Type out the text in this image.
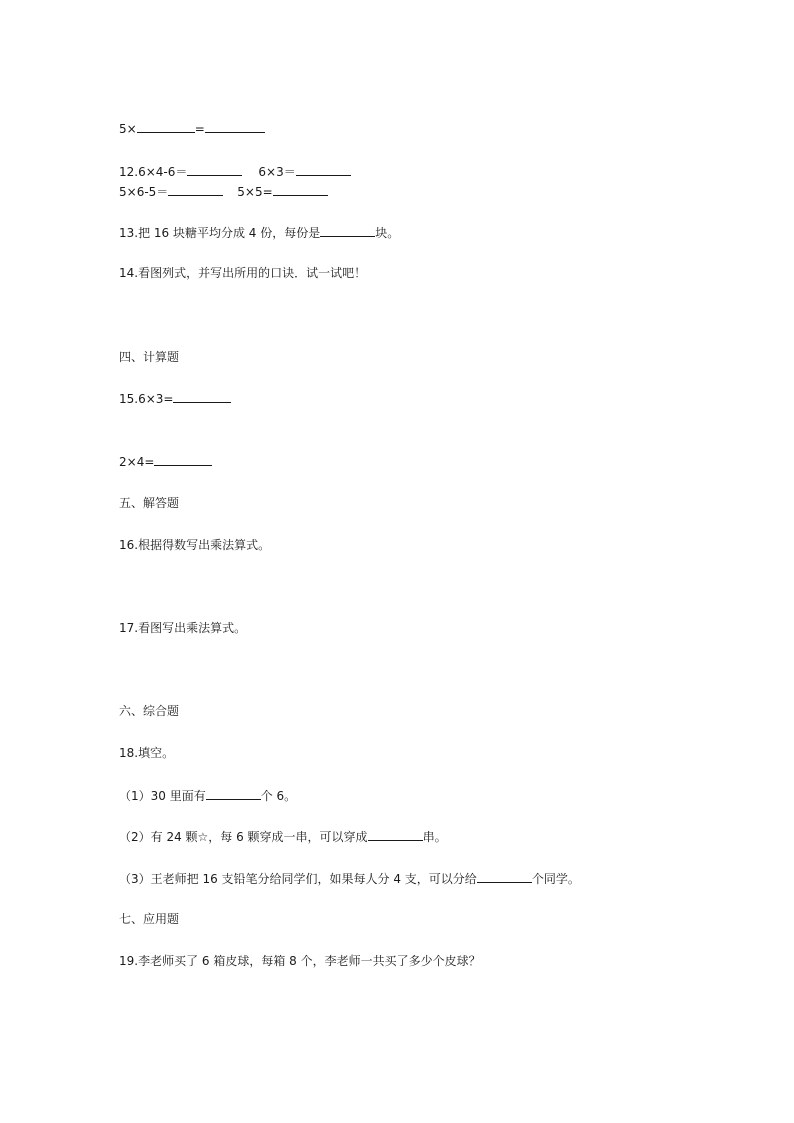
5×	=
12.6×4-6＝	6×3＝
5×6-5＝	5×5=
13.把 16 块糖平均分成 4 份，每份是	块。
14.看图列式，并写出所用的口诀．试一试吧！
四、计算题
15.6×3=
2×4=
五、解答题
16.根据得数写出乘法算式。
17.看图写出乘法算式。
六、综合题
18.填空。
（1）30 里面有	个 6。
（2）有 24 颗☆，每 6 颗穿成一串，可以穿成	串。
（3）王老师把 16 支铅笔分给同学们，如果每人分 4 支，可以分给	个同学。
七、应用题
19.李老师买了 6 箱皮球，每箱 8 个，李老师一共买了多少个皮球？
